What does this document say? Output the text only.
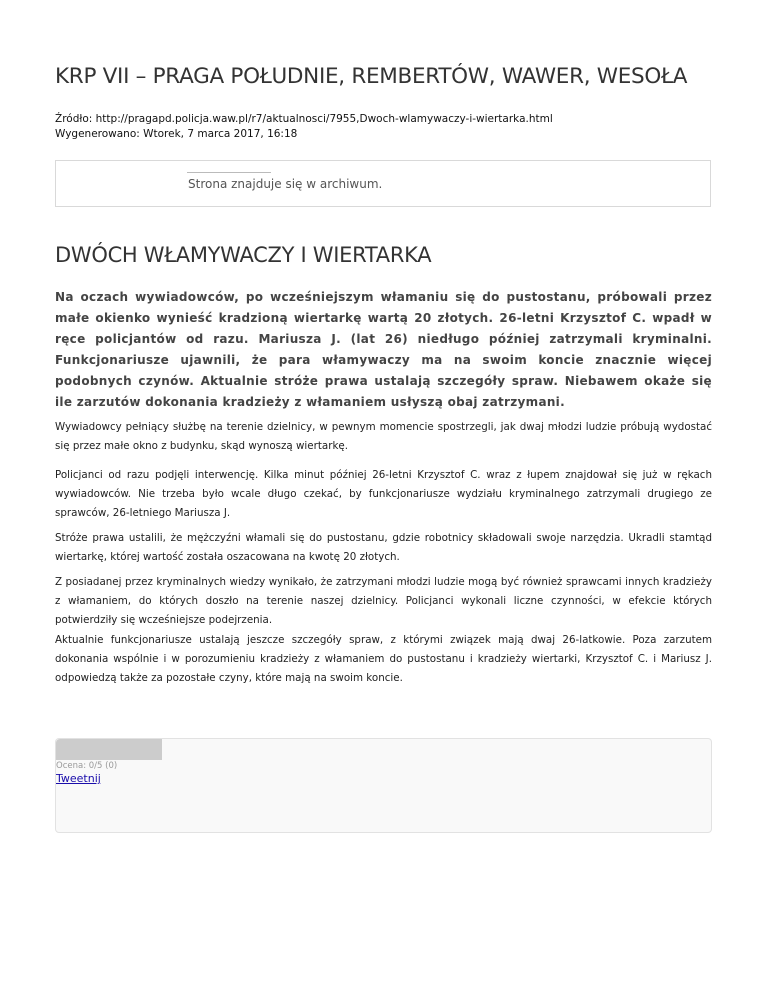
KRP VII – PRAGA POŁUDNIE, REMBERTÓW, WAWER, WESOŁA
Źródło: http://pragapd.policja.waw.pl/r7/aktualnosci/7955,Dwoch-wlamywaczy-i-wiertarka.html
Wygenerowano: Wtorek, 7 marca 2017, 16:18
Strona znajduje się w archiwum.
DWÓCH WŁAMYWACZY I WIERTARKA

Na oczach wywiadowców, po wcześniejszym włamaniu się do pustostanu, próbowali przez małe okienko wynieść kradzioną wiertarkę wartą 20 złotych. 26-letni Krzysztof C. wpadł w ręce policjantów od razu. Mariusza J. (lat 26) niedługo później zatrzymali kryminalni. Funkcjonariusze ujawnili, że para włamywaczy ma na swoim koncie znacznie więcej podobnych czynów. Aktualnie stróże prawa ustalają szczegóły spraw. Niebawem okaże się ile zarzutów dokonania kradzieży z włamaniem usłyszą obaj zatrzymani.

Wywiadowcy pełniący służbę na terenie dzielnicy, w pewnym momencie spostrzegli, jak dwaj młodzi ludzie próbują wydostać się przez małe okno z budynku, skąd wynoszą wiertarkę.

Policjanci od razu podjęli interwencję. Kilka minut później 26-letni Krzysztof C. wraz z łupem znajdował się już w rękach wywiadowców. Nie trzeba było wcale długo czekać, by funkcjonariusze wydziału kryminalnego zatrzymali drugiego ze sprawców, 26-letniego Mariusza J.

Stróże prawa ustalili, że mężczyźni włamali się do pustostanu, gdzie robotnicy składowali swoje narzędzia. Ukradli stamtąd wiertarkę, której wartość została oszacowana na kwotę 20 złotych.

Z posiadanej przez kryminalnych wiedzy wynikało, że zatrzymani młodzi ludzie mogą być również sprawcami innych kradzieży z włamaniem, do których doszło na terenie naszej dzielnicy. Policjanci wykonali liczne czynności, w efekcie których potwierdziły się wcześniejsze podejrzenia.

Aktualnie funkcjonariusze ustalają jeszcze szczegóły spraw, z którymi związek mają dwaj 26-latkowie. Poza zarzutem dokonania wspólnie i w porozumieniu kradzieży z włamaniem do pustostanu i kradzieży wiertarki, Krzysztof C. i Mariusz J. odpowiedzą także za pozostałe czyny, które mają na swoim koncie.

Ocena: 0/5 (0)
Tweetnij
